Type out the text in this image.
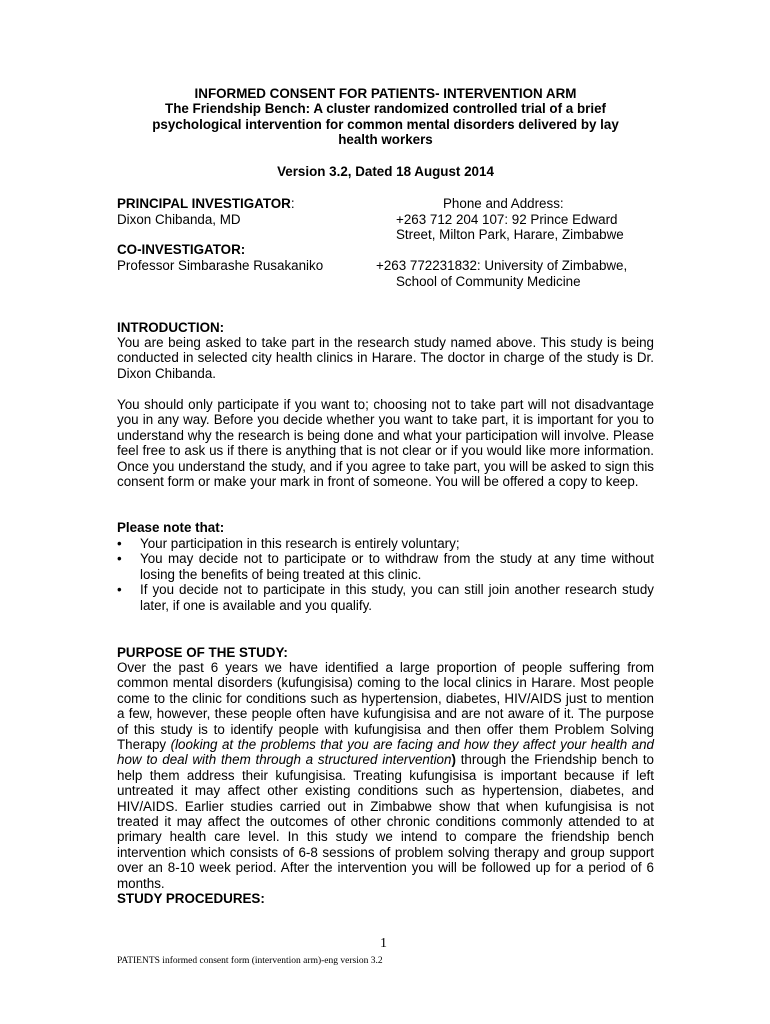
INFORMED CONSENT FOR PATIENTS- INTERVENTION ARM
The Friendship Bench: A cluster randomized controlled trial of a brief
psychological intervention for common mental disorders delivered by lay
health workers
Version 3.2, Dated 18 August 2014
PRINCIPAL INVESTIGATOR:
Dixon Chibanda, MD
Phone and Address:
+263 712 204 107: 92 Prince Edward
Street, Milton Park, Harare, Zimbabwe
CO-INVESTIGATOR:
Professor Simbarashe Rusakaniko	+263 772231832: University of Zimbabwe,
School of Community Medicine
INTRODUCTION:
You are being asked to take part in the research study named above. This study is being conducted in selected city health clinics in Harare. The doctor in charge of the study is Dr. Dixon Chibanda.
You should only participate if you want to; choosing not to take part will not disadvantage you in any way. Before you decide whether you want to take part, it is important for you to understand why the research is being done and what your participation will involve. Please feel free to ask us if there is anything that is not clear or if you would like more information. Once you understand the study, and if you agree to take part, you will be asked to sign this consent form or make your mark in front of someone. You will be offered a copy to keep.
Please note that:
• Your participation in this research is entirely voluntary;
• You may decide not to participate or to withdraw from the study at any time without losing the benefits of being treated at this clinic.
• If you decide not to participate in this study, you can still join another research study later, if one is available and you qualify.
PURPOSE OF THE STUDY:
Over the past 6 years we have identified a large proportion of people suffering from common mental disorders (kufungisisa) coming to the local clinics in Harare. Most people come to the clinic for conditions such as hypertension, diabetes, HIV/AIDS just to mention a few, however, these people often have kufungisisa and are not aware of it. The purpose of this study is to identify people with kufungisisa and then offer them Problem Solving Therapy (looking at the problems that you are facing and how they affect your health and how to deal with them through a structured intervention) through the Friendship bench to help them address their kufungisisa. Treating kufungisisa is important because if left untreated it may affect other existing conditions such as hypertension, diabetes, and HIV/AIDS. Earlier studies carried out in Zimbabwe show that when kufungisisa is not treated it may affect the outcomes of other chronic conditions commonly attended to at primary health care level. In this study we intend to compare the friendship bench intervention which consists of 6-8 sessions of problem solving therapy and group support over an 8-10 week period. After the intervention you will be followed up for a period of 6 months.
STUDY PROCEDURES:
1
PATIENTS informed consent form (intervention arm)-eng version 3.2
